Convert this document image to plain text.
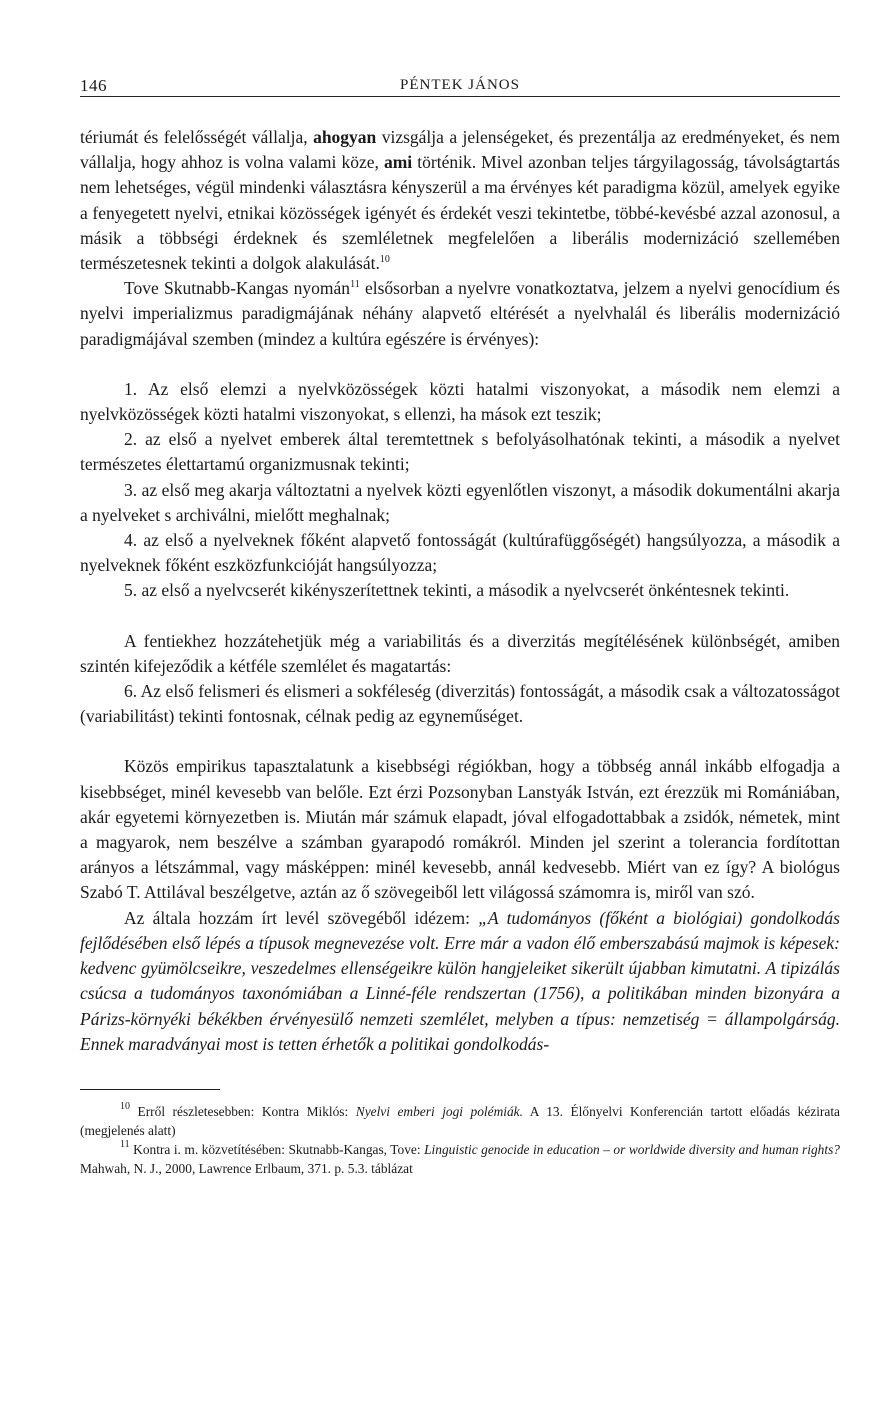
146	PÉNTEK JÁNOS

tériumát és felelősségét vállalja, ahogyan vizsgálja a jelenségeket, és prezentálja az eredményeket, és nem vállalja, hogy ahhoz is volna valami köze, ami történik. Mivel azonban teljes tárgyilagosság, távolságtartás nem lehetséges, végül mindenki választásra kényszerül a ma érvényes két paradigma közül, amelyek egyike a fenyegetett nyelvi, etnikai közösségek igényét és érdekét veszi tekintetbe, többé-kevésbé azzal azonosul, a másik a többségi érdeknek és szemléletnek megfelelően a liberális modernizáció szellemében természetesnek tekinti a dolgok alakulását.$^{10}$

Tove Skutnabb-Kangas nyomán$^{11}$ elsősorban a nyelvre vonatkoztatva, jelzem a nyelvi genocídium és nyelvi imperializmus paradigmájának néhány alapvető eltérését a nyelvhalál és liberális modernizáció paradigmájával szemben (mindez a kultúra egészére is érvényes):

1. Az első elemzi a nyelvközösségek közti hatalmi viszonyokat, a második nem elemzi a nyelvközösségek közti hatalmi viszonyokat, s ellenzi, ha mások ezt teszik;

2. az első a nyelvet emberek által teremtettnek s befolyásolhatónak tekinti, a második a nyelvet természetes élettartamú organizmusnak tekinti;

3. az első meg akarja változtatni a nyelvek közti egyenlőtlen viszonyt, a második dokumentálni akarja a nyelveket s archiválni, mielőtt meghalnak;

4. az első a nyelveknek főként alapvető fontosságát (kultúrafüggőségét) hangsúlyozza, a második a nyelveknek főként eszközfunkcióját hangsúlyozza;

5. az első a nyelvcserét kikényszerítettnek tekinti, a második a nyelvcserét önkéntesnek tekinti.

A fentiekhez hozzátehetjük még a variabilitás és a diverzitás megítélésének különbségét, amiben szintén kifejeződik a kétféle szemlélet és magatartás:

6. Az első felismeri és elismeri a sokféleség (diverzitás) fontosságát, a második csak a változatosságot (variabilitást) tekinti fontosnak, célnak pedig az egyneműséget.

Közös empirikus tapasztalatunk a kisebbségi régiókban, hogy a többség annál inkább elfogadja a kisebbséget, minél kevesebb van belőle. Ezt érzi Pozsonyban Lanstyák István, ezt érezzük mi Romániában, akár egyetemi környezetben is. Miután már számuk elapadt, jóval elfogadottabbak a zsidók, németek, mint a magyarok, nem beszélve a számban gyarapodó romákról. Minden jel szerint a tolerancia fordítottan arányos a létszámmal, vagy másképpen: minél kevesebb, annál kedvesebb. Miért van ez így? A biológus Szabó T. Attilával beszélgetve, aztán az ő szövegeiből lett világossá számomra is, miről van szó.

Az általa hozzám írt levél szövegéből idézem: „A tudományos (főként a biológiai) gondolkodás fejlődésében első lépés a típusok megnevezése volt. Erre már a vadon élő emberszabású majmok is képesek: kedvenc gyümölcseikre, veszedelmes ellenségeikre külön hangjeleiket sikerült újabban kimutatni. A tipizálás csúcsa a tudományos taxonómiában a Linné-féle rendszertan (1756), a politikában minden bizonyára a Párizs-környéki békékben érvényesülő nemzeti szemlélet, melyben a típus: nemzetiség = állampolgárság. Ennek maradványai most is tetten érhetők a politikai gondolkodás-

$^{10}$ Erről részletesebben: Kontra Miklós: Nyelvi emberi jogi polémiák. A 13. Élőnyelvi Konferencián tartott előadás kézirata (megjelenés alatt)

$^{11}$ Kontra i. m. közvetítésében: Skutnabb-Kangas, Tove: Linguistic genocide in education – or worldwide diversity and human rights? Mahwah, N. J., 2000, Lawrence Erlbaum, 371. p. 5.3. táblázat
